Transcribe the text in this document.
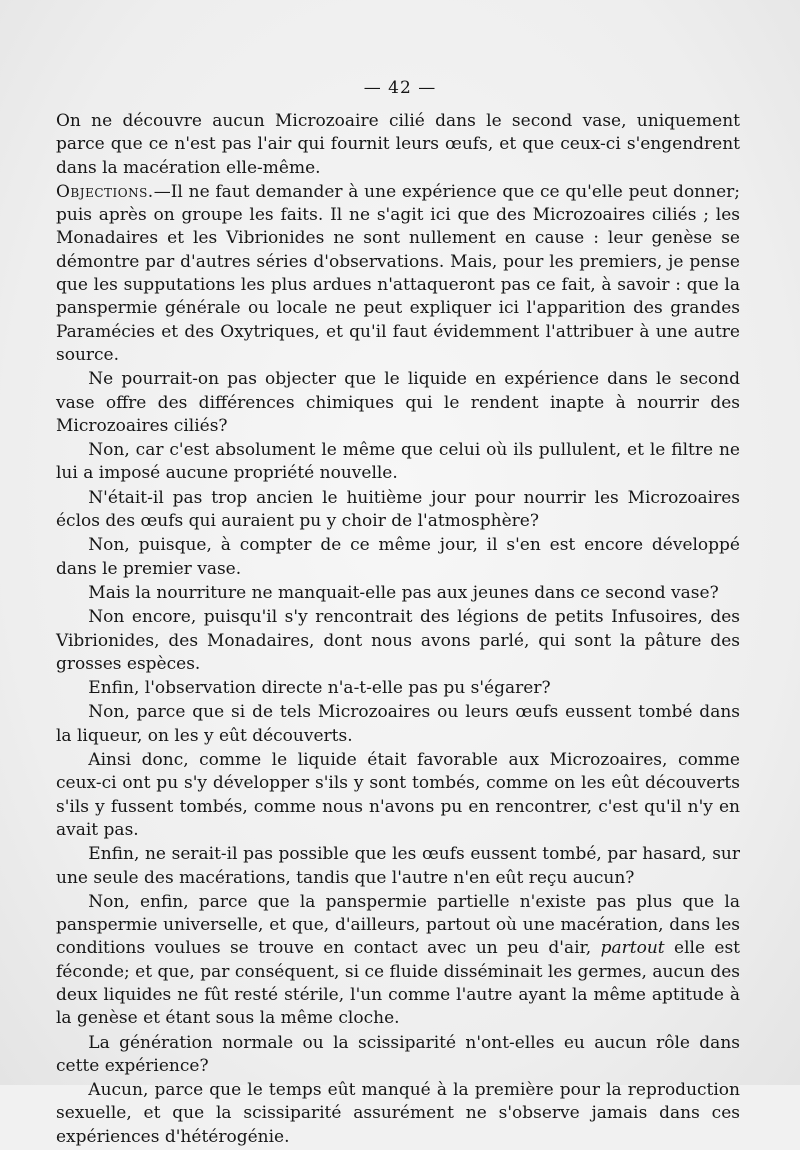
— 42 —

On ne découvre aucun Microzoaire cilié dans le second vase, uniquement parce que ce n'est pas l'air qui fournit leurs œufs, et que ceux-ci s'engendrent dans la macération elle-même.

Objections.—Il ne faut demander à une expérience que ce qu'elle peut donner; puis après on groupe les faits. Il ne s'agit ici que des Microzoaires ciliés ; les Monadaires et les Vibrionides ne sont nullement en cause : leur genèse se démontre par d'autres séries d'observations. Mais, pour les premiers, je pense que les supputations les plus ardues n'attaqueront pas ce fait, à savoir : que la panspermie générale ou locale ne peut expliquer ici l'apparition des grandes Paramécies et des Oxytriques, et qu'il faut évidemment l'attribuer à une autre source.

Ne pourrait-on pas objecter que le liquide en expérience dans le second vase offre des différences chimiques qui le rendent inapte à nourrir des Microzoaires ciliés?

Non, car c'est absolument le même que celui où ils pullulent, et le filtre ne lui a imposé aucune propriété nouvelle.

N'était-il pas trop ancien le huitième jour pour nourrir les Microzoaires éclos des œufs qui auraient pu y choir de l'atmosphère?

Non, puisque, à compter de ce même jour, il s'en est encore développé dans le premier vase.

Mais la nourriture ne manquait-elle pas aux jeunes dans ce second vase?

Non encore, puisqu'il s'y rencontrait des légions de petits Infusoires, des Vibrionides, des Monadaires, dont nous avons parlé, qui sont la pâture des grosses espèces.

Enfin, l'observation directe n'a-t-elle pas pu s'égarer?

Non, parce que si de tels Microzoaires ou leurs œufs eussent tombé dans la liqueur, on les y eût découverts.

Ainsi donc, comme le liquide était favorable aux Microzoaires, comme ceux-ci ont pu s'y développer s'ils y sont tombés, comme on les eût découverts s'ils y fussent tombés, comme nous n'avons pu en rencontrer, c'est qu'il n'y en avait pas.

Enfin, ne serait-il pas possible que les œufs eussent tombé, par hasard, sur une seule des macérations, tandis que l'autre n'en eût reçu aucun?

Non, enfin, parce que la panspermie partielle n'existe pas plus que la panspermie universelle, et que, d'ailleurs, partout où une macération, dans les conditions voulues se trouve en contact avec un peu d'air, partout elle est féconde; et que, par conséquent, si ce fluide disséminait les germes, aucun des deux liquides ne fût resté stérile, l'un comme l'autre ayant la même aptitude à la genèse et étant sous la même cloche.

La génération normale ou la scissiparité n'ont-elles eu aucun rôle dans cette expérience?

Aucun, parce que le temps eût manqué à la première pour la reproduction sexuelle, et que la scissiparité assurément ne s'observe jamais dans ces expériences d'hétérogénie.
